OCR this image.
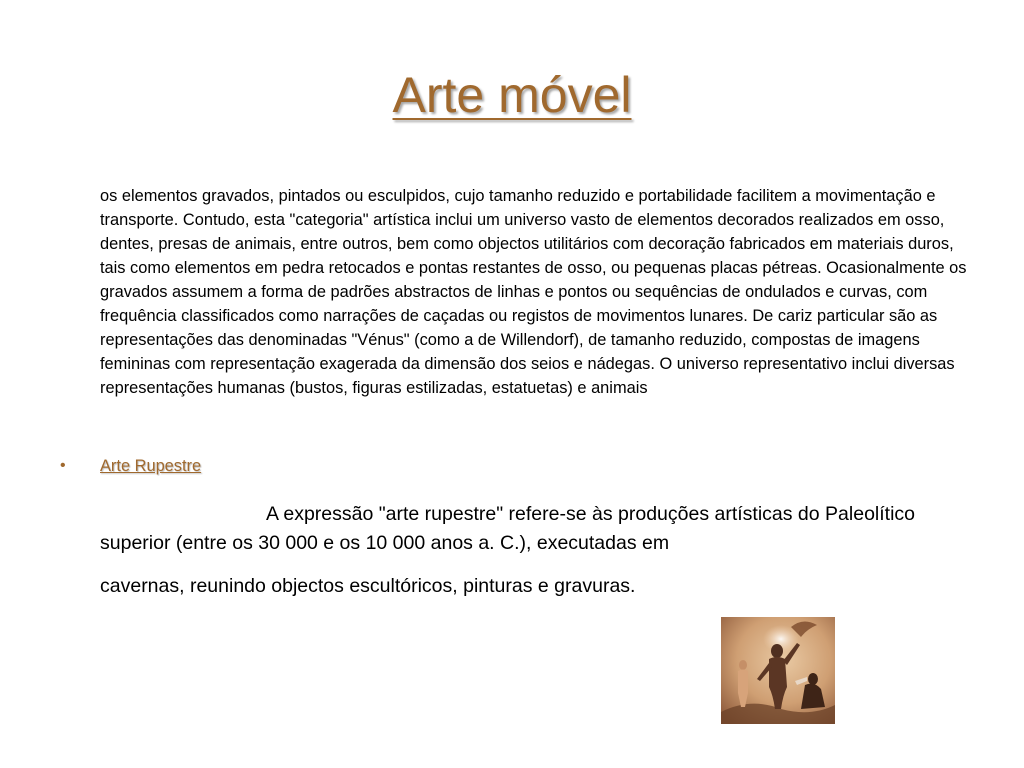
Arte móvel

os elementos gravados, pintados ou esculpidos, cujo tamanho reduzido e portabilidade facilitem a movimentação e transporte. Contudo, esta "categoria" artística inclui um universo vasto de elementos decorados realizados em osso, dentes, presas de animais, entre outros, bem como objectos utilitários com decoração fabricados em materiais duros, tais como elementos em pedra retocados e pontas restantes de osso, ou pequenas placas pétreas. Ocasionalmente os gravados assumem a forma de padrões abstractos de linhas e pontos ou sequências de ondulados e curvas, com frequência classificados como narrações de caçadas ou registos de movimentos lunares. De cariz particular são as representações das denominadas "Vénus" (como a de Willendorf), de tamanho reduzido, compostas de imagens femininas com representação exagerada da dimensão dos seios e nádegas. O universo representativo inclui diversas representações humanas (bustos, figuras estilizadas, estatuetas) e animais

•	Arte Rupestre

A expressão "arte rupestre" refere-se às produções artísticas do Paleolítico superior (entre os 30 000 e os 10 000 anos a. C.), executadas em

cavernas, reunindo objectos escultóricos, pinturas e gravuras.
